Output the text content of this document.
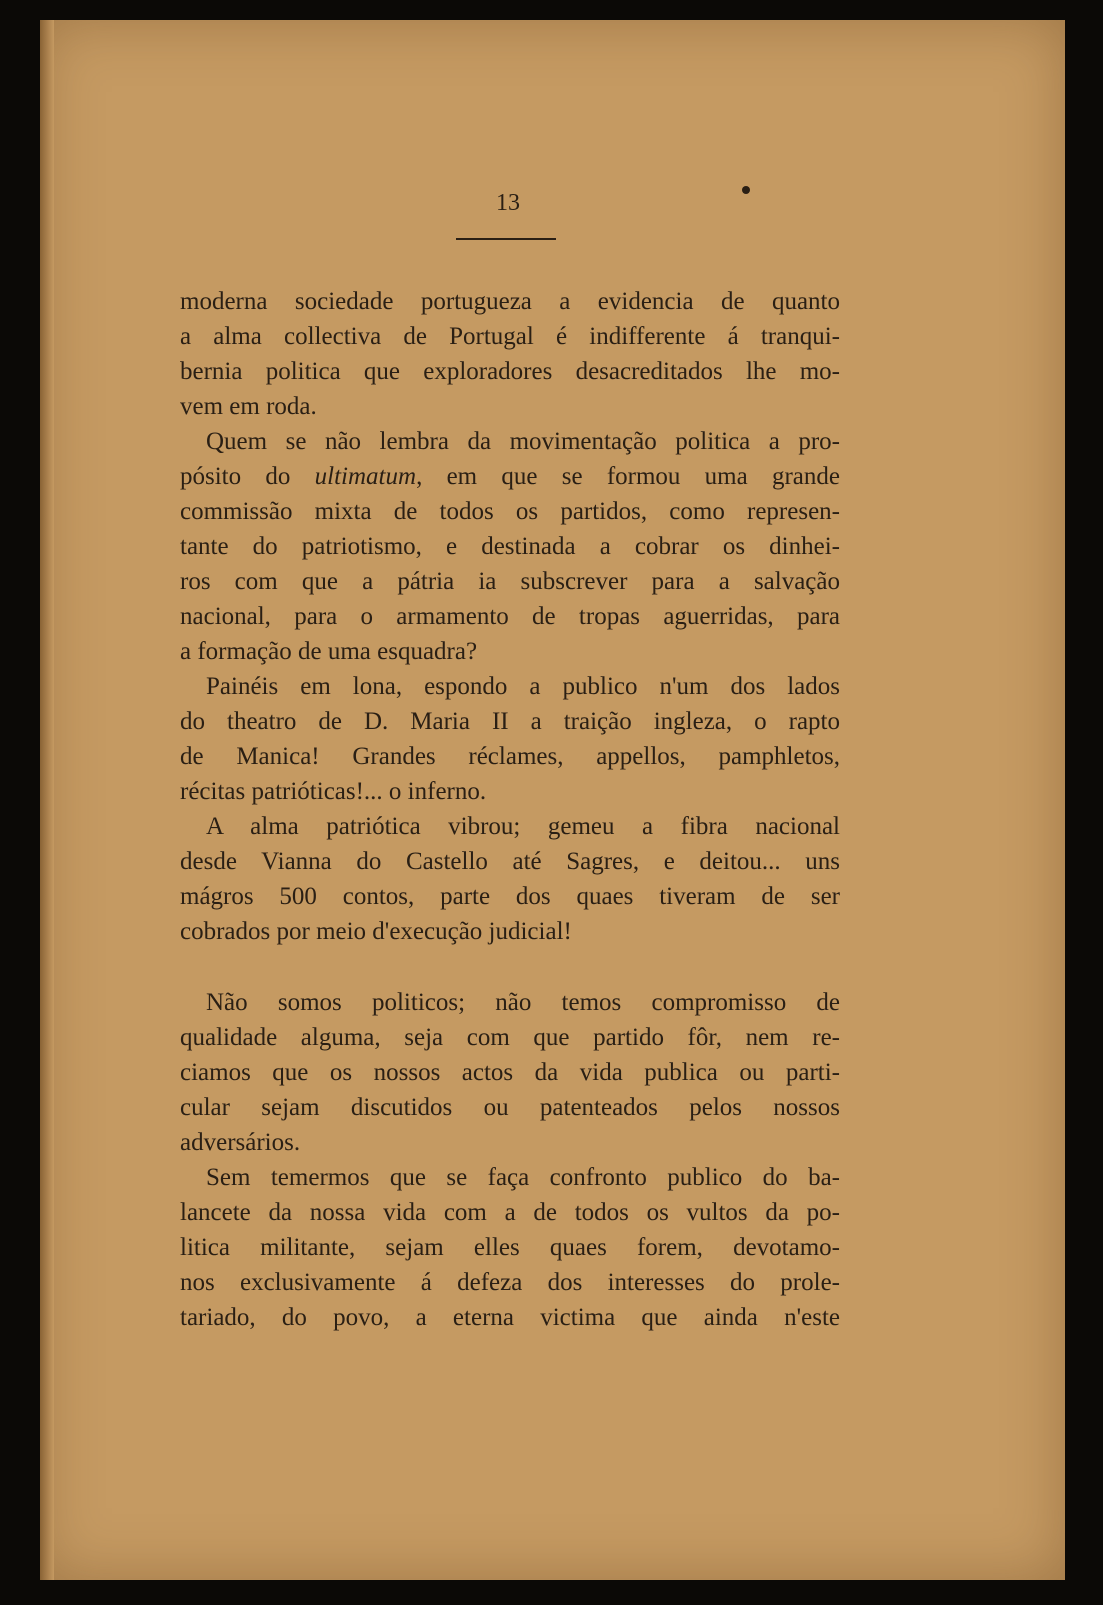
13
moderna sociedade portugueza a evidencia de quanto
a alma collectiva de Portugal é indifferente á tranqui-
bernia politica que exploradores desacreditados lhe mo-
vem em roda.
Quem se não lembra da movimentação politica a pro-
pósito do ultimatum, em que se formou uma grande
commissão mixta de todos os partidos, como represen-
tante do patriotismo, e destinada a cobrar os dinhei-
ros com que a pátria ia subscrever para a salvação
nacional, para o armamento de tropas aguerridas, para
a formação de uma esquadra?
Painéis em lona, espondo a publico n'um dos lados
do theatro de D. Maria II a traição ingleza, o rapto
de Manica! Grandes réclames, appellos, pamphletos,
récitas patrióticas!... o inferno.
A alma patriótica vibrou; gemeu a fibra nacional
desde Vianna do Castello até Sagres, e deitou... uns
mágros 500 contos, parte dos quaes tiveram de ser
cobrados por meio d'execução judicial!
Não somos politicos; não temos compromisso de
qualidade alguma, seja com que partido fôr, nem re-
ciamos que os nossos actos da vida publica ou parti-
cular sejam discutidos ou patenteados pelos nossos
adversários.
Sem temermos que se faça confronto publico do ba-
lancete da nossa vida com a de todos os vultos da po-
litica militante, sejam elles quaes forem, devotamo-
nos exclusivamente á defeza dos interesses do prole-
tariado, do povo, a eterna victima que ainda n'este
